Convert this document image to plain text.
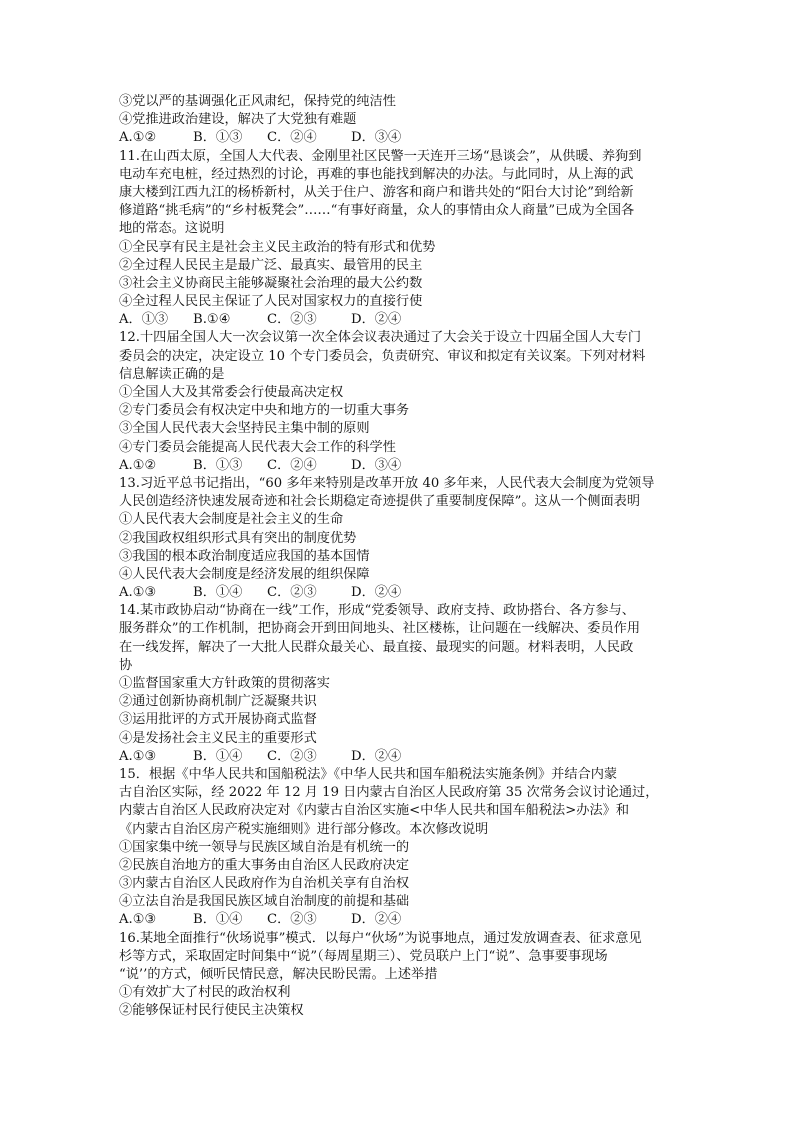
③党以严的基调强化正风肃纪，保持党的纯洁性
④党推进政治建设，解决了大党独有难题
A.①②	B．①③	C．②④	D．③④
11.在山西太原，全国人大代表、金刚里社区民警一天连开三场“恳谈会”，从供暖、养狗到
电动车充电桩，经过热烈的讨论，再难的事也能找到解决的办法。与此同时，从上海的武
康大楼到江西九江的杨桥新村，从关于住户、游客和商户和谐共处的“阳台大讨论”到给新
修道路“挑毛病”的“乡村板凳会”……“有事好商量，众人的事情由众人商量”已成为全国各
地的常态。这说明
①全民享有民主是社会主义民主政治的特有形式和优势
②全过程人民民主是最广泛、最真实、最管用的民主
③社会主义协商民主能够凝聚社会治理的最大公约数
④全过程人民民主保证了人民对国家权力的直接行使
A．①③	B.①④	C．②③	D．②④
12.十四届全国人大一次会议第一次全体会议表决通过了大会关于设立十四届全国人大专门
委员会的决定，决定设立 10 个专门委员会，负责研究、审议和拟定有关议案。下列对材料
信息解读正确的是
①全国人大及其常委会行使最高决定权
②专门委员会有权决定中央和地方的一切重大事务
③全国人民代表大会坚持民主集中制的原则
④专门委员会能提高人民代表大会工作的科学性
A.①②	B．①③	C．②④	D．③④
13.习近平总书记指出，“60 多年来特别是改革开放 40 多年来，人民代表大会制度为党领导
人民创造经济快速发展奇迹和社会长期稳定奇迹提供了重要制度保障”。这从一个侧面表明
①人民代表大会制度是社会主义的生命
②我国政权组织形式具有突出的制度优势
③我国的根本政治制度适应我国的基本国情
④人民代表大会制度是经济发展的组织保障
A.①③	B．①④	C．②③	D．②④
14.某市政协启动“协商在一线”工作，形成“党委领导、政府支持、政协搭台、各方参与、
服务群众”的工作机制，把协商会开到田间地头、社区楼栋，让问题在一线解决、委员作用
在一线发挥，解决了一大批人民群众最关心、最直接、最现实的问题。材料表明，人民政
协
①监督国家重大方针政策的贯彻落实
②通过创新协商机制广泛凝聚共识
③运用批评的方式开展协商式监督
④是发扬社会主义民主的重要形式
A.①③	B．①④	C．②③	D．②④
15．根据《中华人民共和国船税法》《中华人民共和国车船税法实施条例》并结合内蒙
古自治区实际，经 2022 年 12 月 19 日内蒙古自治区人民政府第 35 次常务会议讨论通过，
内蒙古自治区人民政府决定对《内蒙古自治区实施<中华人民共和国车船税法>办法》和
《内蒙古自治区房产税实施细则》进行部分修改。本次修改说明
①国家集中统一领导与民族区域自治是有机统一的
②民族自治地方的重大事务由自治区人民政府决定
③内蒙古自治区人民政府作为自治机关享有自治权
④立法自治是我国民族区域自治制度的前提和基础
A.①③	B．①④	C．②③	D．②④
16.某地全面推行“伙场说事”模式．以每户“伙场”为说事地点，通过发放调查表、征求意见
杉等方式，采取固定时间集中“说”（每周星期三）、党员联户上门“说”、急事要事现场
“说’’的方式，倾听民情民意，解决民盼民需。上述举措
①有效扩大了村民的政治权利
②能够保证村民行使民主决策权
